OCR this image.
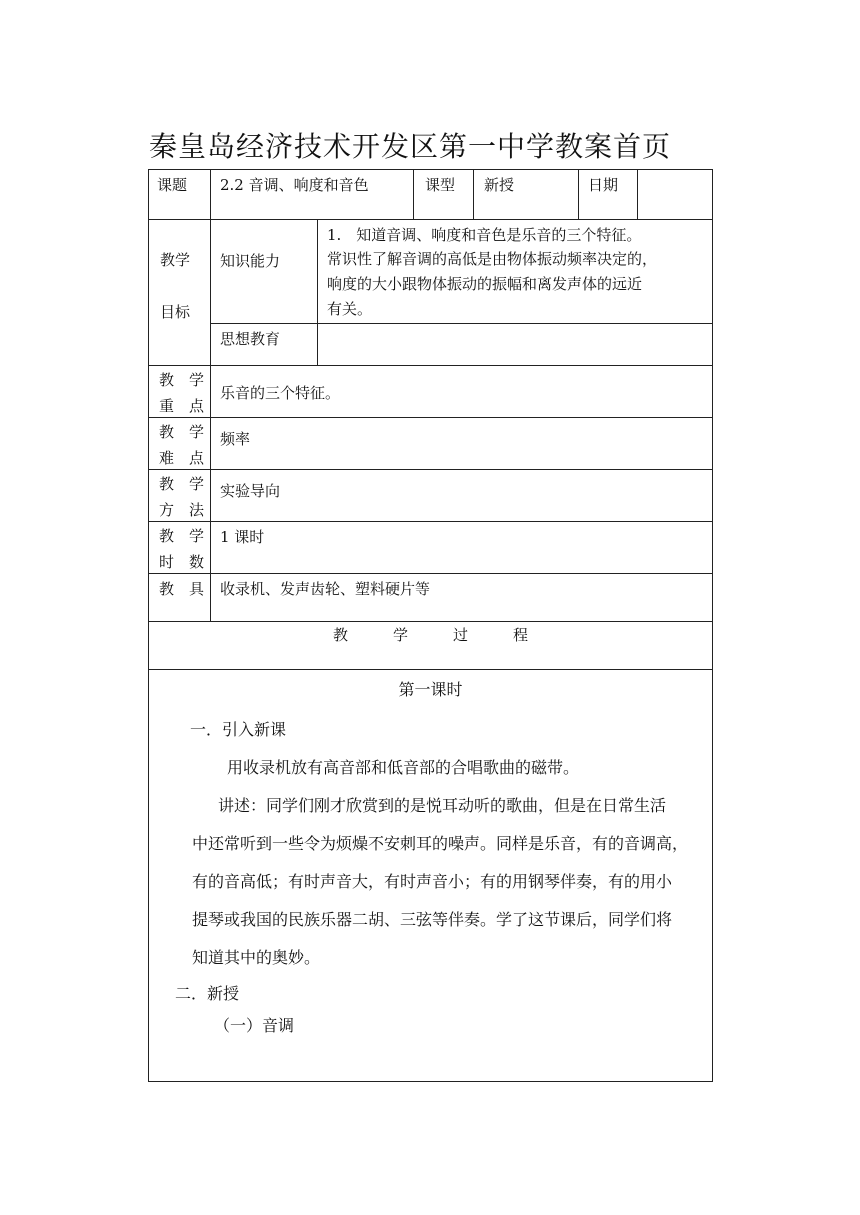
秦皇岛经济技术开发区第一中学教案首页
课题 2.2 音调、响度和音色	课型 新授	日期
教学
目标
知识能力
1.　知道音调、响度和音色是乐音的三个特征。
常识性了解音调的高低是由物体振动频率决定的，
响度的大小跟物体振动的振幅和离发声体的远近
有关。
思想教育
教　学
重　点
乐音的三个特征。
教　学
难　点
频率
教　学
方　法
实验导向
教　学
时　数
1 课时
教　具 收录机、发声齿轮、塑料硬片等
教　　　学　　　过　　　程
第一课时
一．引入新课
用收录机放有高音部和低音部的合唱歌曲的磁带。
讲述：同学们刚才欣赏到的是悦耳动听的歌曲，但是在日常生活
中还常听到一些令为烦燥不安刺耳的噪声。同样是乐音，有的音调高，
有的音高低；有时声音大，有时声音小；有的用钢琴伴奏，有的用小
提琴或我国的民族乐器二胡、三弦等伴奏。学了这节课后，同学们将
知道其中的奥妙。
二．新授
（一）音调
